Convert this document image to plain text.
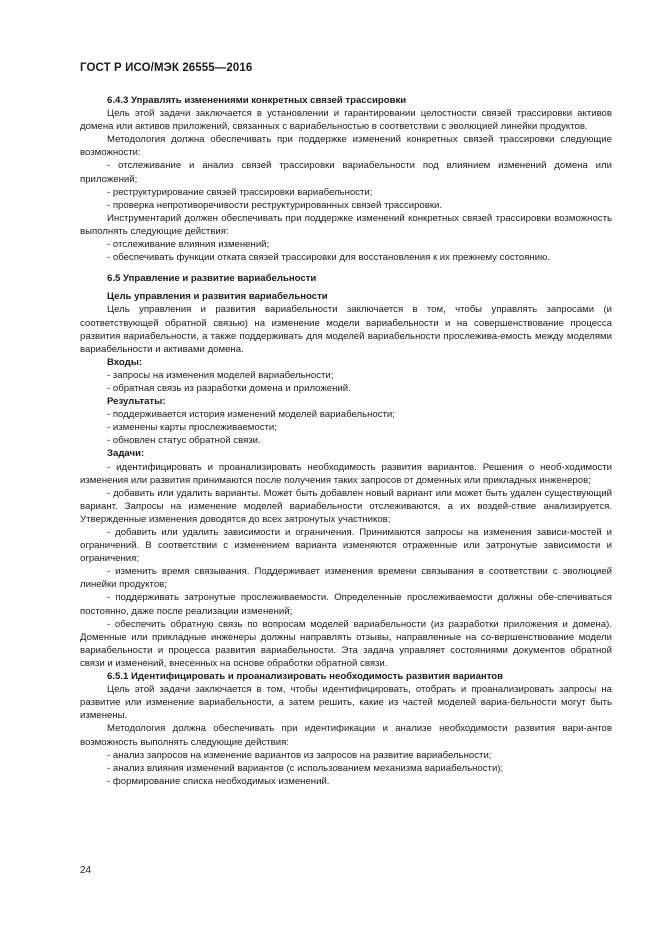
ГОСТ Р ИСО/МЭК 26555—2016

6.4.3 Управлять изменениями конкретных связей трассировки

Цель этой задачи заключается в установлении и гарантировании целостности связей трассировки активов домена или активов приложений, связанных с вариабельностью в соответствии с эволюцией линейки продуктов.

Методология должна обеспечивать при поддержке изменений конкретных связей трассировки следующие возможности:

- отслеживание и анализ связей трассировки вариабельности под влиянием изменений домена или приложений;

- реструктурирование связей трассировки вариабельности;

- проверка непротиворечивости реструктурированных связей трассировки.

Инструментарий должен обеспечивать при поддержке изменений конкретных связей трассировки возможность выполнять следующие действия:

- отслеживание влияния изменений;

- обеспечивать функции отката связей трассировки для восстановления к их прежнему состоянию.

6.5 Управление и развитие вариабельности

Цель управления и развития вариабельности

Цель управления и развития вариабельности заключается в том, чтобы управлять запросами (и соответствующей обратной связью) на изменение модели вариабельности и на совершенствование процесса развития вариабельности, а также поддерживать для моделей вариабельности прослежива-емость между моделями вариабельности и активами домена.

Входы:

- запросы на изменения моделей вариабельности;

- обратная связь из разработки домена и приложений.

Результаты:

- поддерживается история изменений моделей вариабельности;

- изменены карты прослеживаемости;

- обновлен статус обратной связи.

Задачи:

- идентифицировать и проанализировать необходимость развития вариантов. Решения о необ-ходимости изменения или развития принимаются после получения таких запросов от доменных или прикладных инженеров;

- добавить или удалить варианты. Может быть добавлен новый вариант или может быть удален существующий вариант. Запросы на изменение моделей вариабельности отслеживаются, а их воздей-ствие анализируется. Утвержденные изменения доводятся до всех затронутых участников;

- добавить или удалить зависимости и ограничения. Принимаются запросы на изменения зависи-мостей и ограничений. В соответствии с изменением варианта изменяются отраженные или затронутые зависимости и ограничения;

- изменить время связывания. Поддерживает изменения времени связывания в соответствии с эволюцией линейки продуктов;

- поддерживать затронутые прослеживаемости. Определенные прослеживаемости должны обе-спечиваться постоянно, даже после реализации изменений;

- обеспечить обратную связь по вопросам моделей вариабельности (из разработки приложения и домена). Доменные или прикладные инженеры должны направлять отзывы, направленные на со-вершенствование модели вариабельности и процесса развития вариабельности. Эта задача управляет состояниями документов обратной связи и изменений, внесенных на основе обработки обратной связи.

6.5.1 Идентифицировать и проанализировать необходимость развития вариантов

Цель этой задачи заключается в том, чтобы идентифицировать, отобрать и проанализировать запросы на развитие или изменение вариабельности, а затем решить, какие из частей моделей вариа-бельности могут быть изменены.

Методология должна обеспечивать при идентификации и анализе необходимости развития вари-антов возможность выполнять следующие действия:

- анализ запросов на изменение вариантов из запросов на развитие вариабельности;

- анализ влияния изменений вариантов (с использованием механизма вариабельности);

- формирование списка необходимых изменений.

24
